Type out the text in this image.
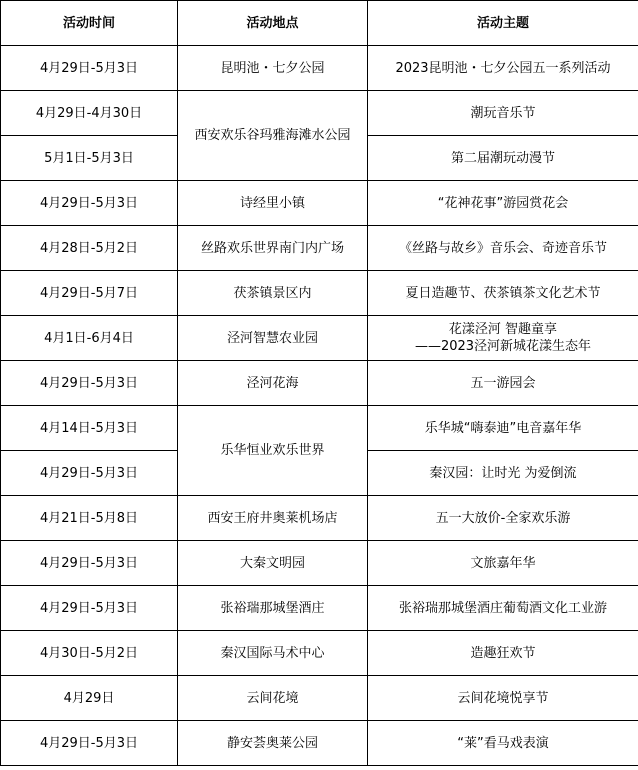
活动时间	活动地点	活动主题
4月29日-5月3日	昆明池・七夕公园	2023昆明池・七夕公园五一系列活动
4月29日-4月30日	西安欢乐谷玛雅海滩水公园	潮玩音乐节
5月1日-5月3日		第二届潮玩动漫节
4月29日-5月3日	诗经里小镇	“花神花事”游园赏花会
4月28日-5月2日	丝路欢乐世界南门内广场	《丝路与故乡》音乐会、奇迹音乐节
4月29日-5月7日	茯茶镇景区内	夏日造趣节、茯茶镇茶文化艺术节
4月1日-6月4日	泾河智慧农业园	花漾泾河 智趣童享
——2023泾河新城花漾生态年

4月29日-5月3日	泾河花海	五一游园会
4月14日-5月3日	乐华恒业欢乐世界	乐华城“嗨泰迪”电音嘉年华
4月29日-5月3日		秦汉园：让时光 为爱倒流
4月21日-5月8日	西安王府井奥莱机场店	五一大放价-全家欢乐游
4月29日-5月3日	大秦文明园	文旅嘉年华
4月29日-5月3日	张裕瑞那城堡酒庄	张裕瑞那城堡酒庄葡萄酒文化工业游
4月30日-5月2日	秦汉国际马术中心	造趣狂欢节
4月29日	云间花境	云间花境悦享节
4月29日-5月3日	静安荟奥莱公园	“莱”看马戏表演
